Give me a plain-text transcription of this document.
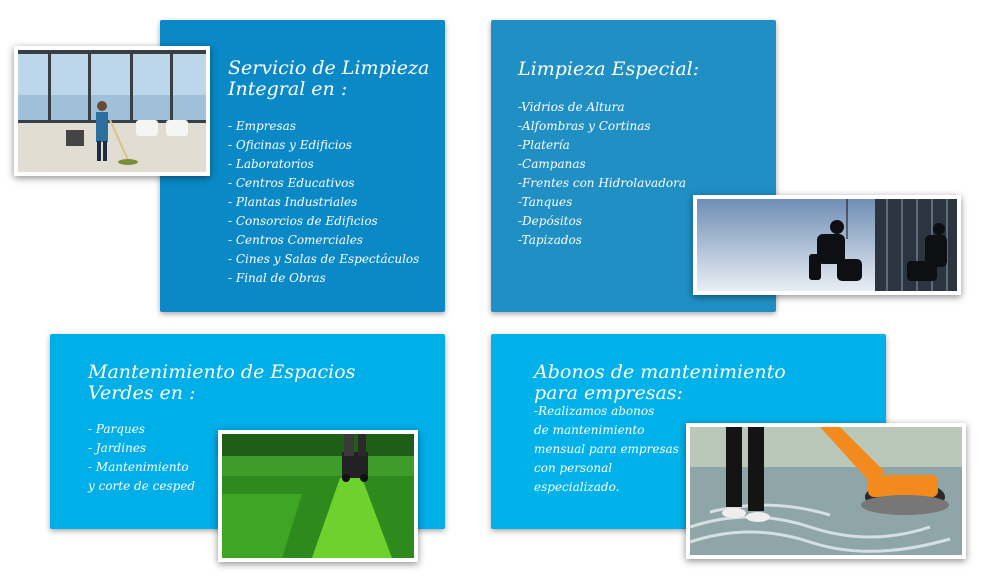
Servicio de Limpieza
Integral en :
- Empresas
- Oficinas y Edificios
- Laboratorios
- Centros Educativos
- Plantas Industriales
- Consorcios de Edificios
- Centros Comerciales
- Cines y Salas de Espectáculos
- Final de Obras
Limpieza Especial:
-Vidrios de Altura
-Alfombras y Cortinas
-Platería
-Campanas
-Frentes con Hidrolavadora
-Tanques
-Depósitos
-Tapizados
Mantenimiento de Espacios
Verdes en :
- Parques
- Jardines
- Mantenimiento
y corte de cesped
Abonos de mantenimiento
para empresas:
-Realizamos abonos
de mantenimiento
mensual para empresas
con personal
especializado.
